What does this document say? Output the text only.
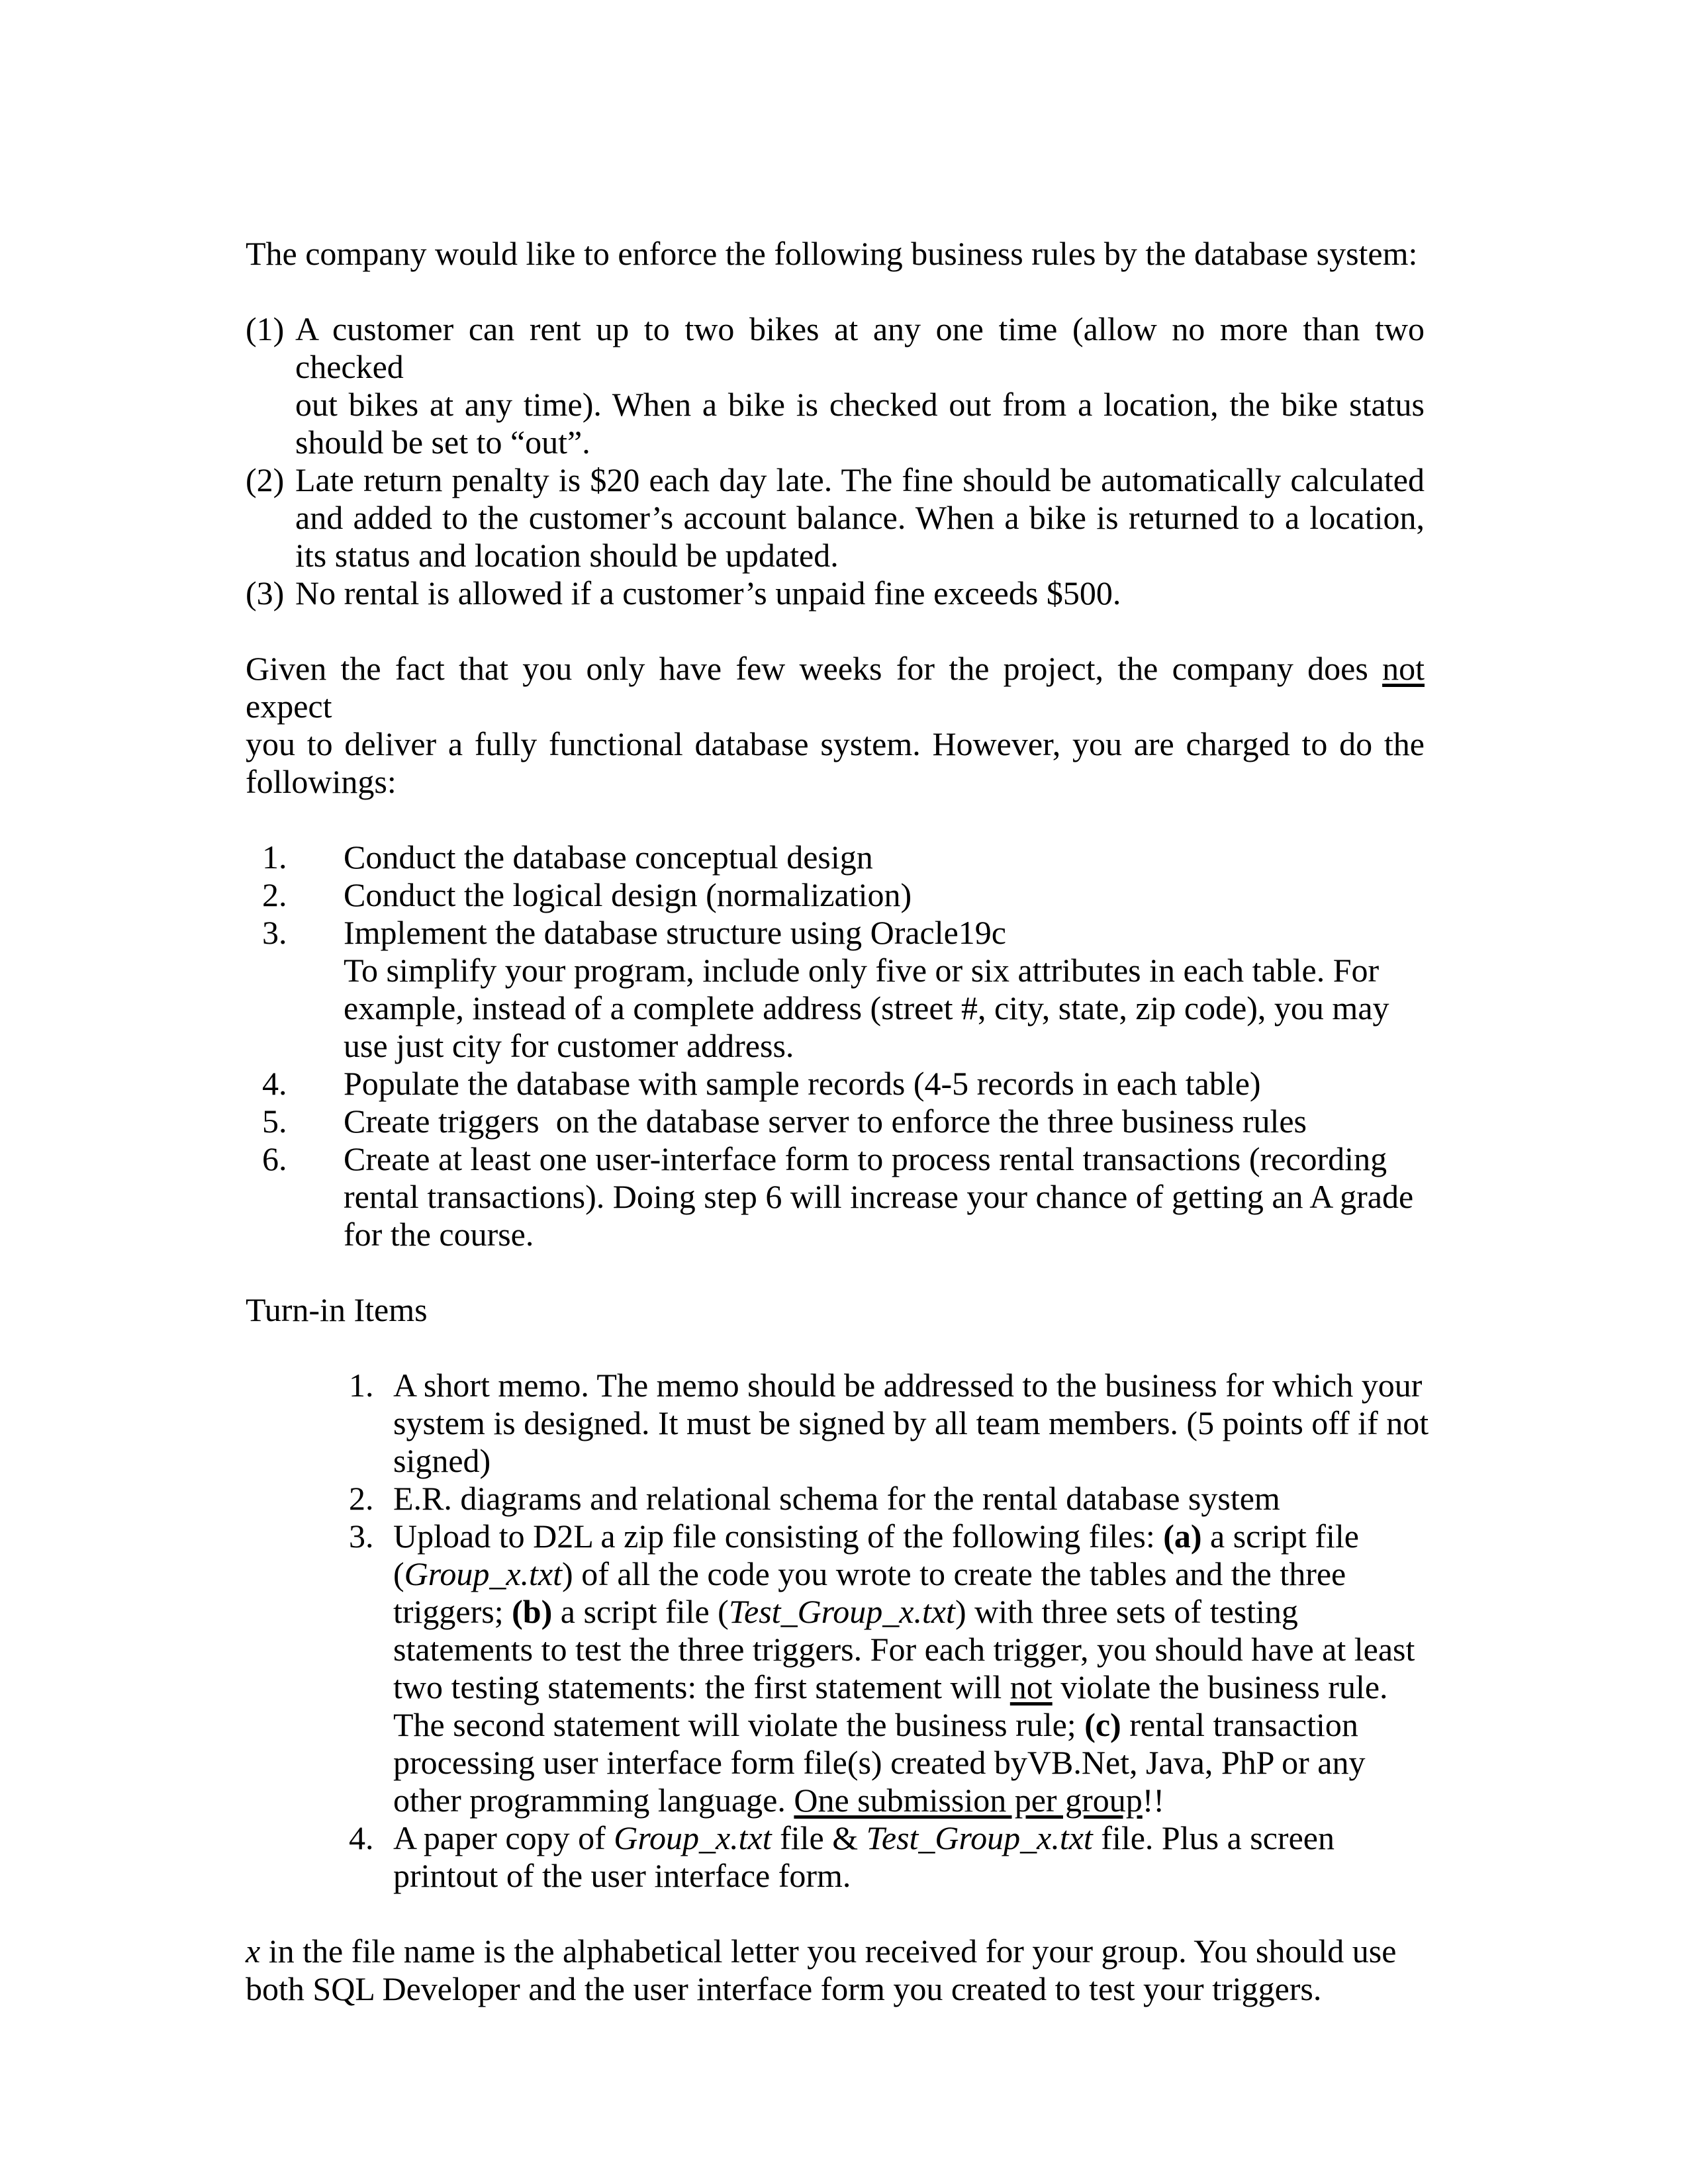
The company would like to enforce the following business rules by the database system:
(1) A customer can rent up to two bikes at any one time (allow no more than two checked
out bikes at any time). When a bike is checked out from a location, the bike status
should be set to “out”.
(2) Late return penalty is $20 each day late. The fine should be automatically calculated
and added to the customer’s account balance. When a bike is returned to a location,
its status and location should be updated.
(3) No rental is allowed if a customer’s unpaid fine exceeds $500.
Given the fact that you only have few weeks for the project, the company does not expect
you to deliver a fully functional database system. However, you are charged to do the
followings:
1. Conduct the database conceptual design
2. Conduct the logical design (normalization)
3. Implement the database structure using Oracle19c
To simplify your program, include only five or six attributes in each table. For
example, instead of a complete address (street #, city, state, zip code), you may
use just city for customer address.
4. Populate the database with sample records (4-5 records in each table)
5. Create triggers  on the database server to enforce the three business rules
6. Create at least one user-interface form to process rental transactions (recording
rental transactions). Doing step 6 will increase your chance of getting an A grade
for the course.
Turn-in Items
1. A short memo. The memo should be addressed to the business for which your
system is designed. It must be signed by all team members. (5 points off if not
signed)
2. E.R. diagrams and relational schema for the rental database system
3. Upload to D2L a zip file consisting of the following files: (a) a script file
(Group_x.txt) of all the code you wrote to create the tables and the three
triggers; (b) a script file (Test_Group_x.txt) with three sets of testing
statements to test the three triggers. For each trigger, you should have at least
two testing statements: the first statement will not violate the business rule.
The second statement will violate the business rule; (c) rental transaction
processing user interface form file(s) created byVB.Net, Java, PhP or any
other programming language. One submission per group!!
4. A paper copy of Group_x.txt file & Test_Group_x.txt file. Plus a screen
printout of the user interface form.
x in the file name is the alphabetical letter you received for your group. You should use
both SQL Developer and the user interface form you created to test your triggers.
